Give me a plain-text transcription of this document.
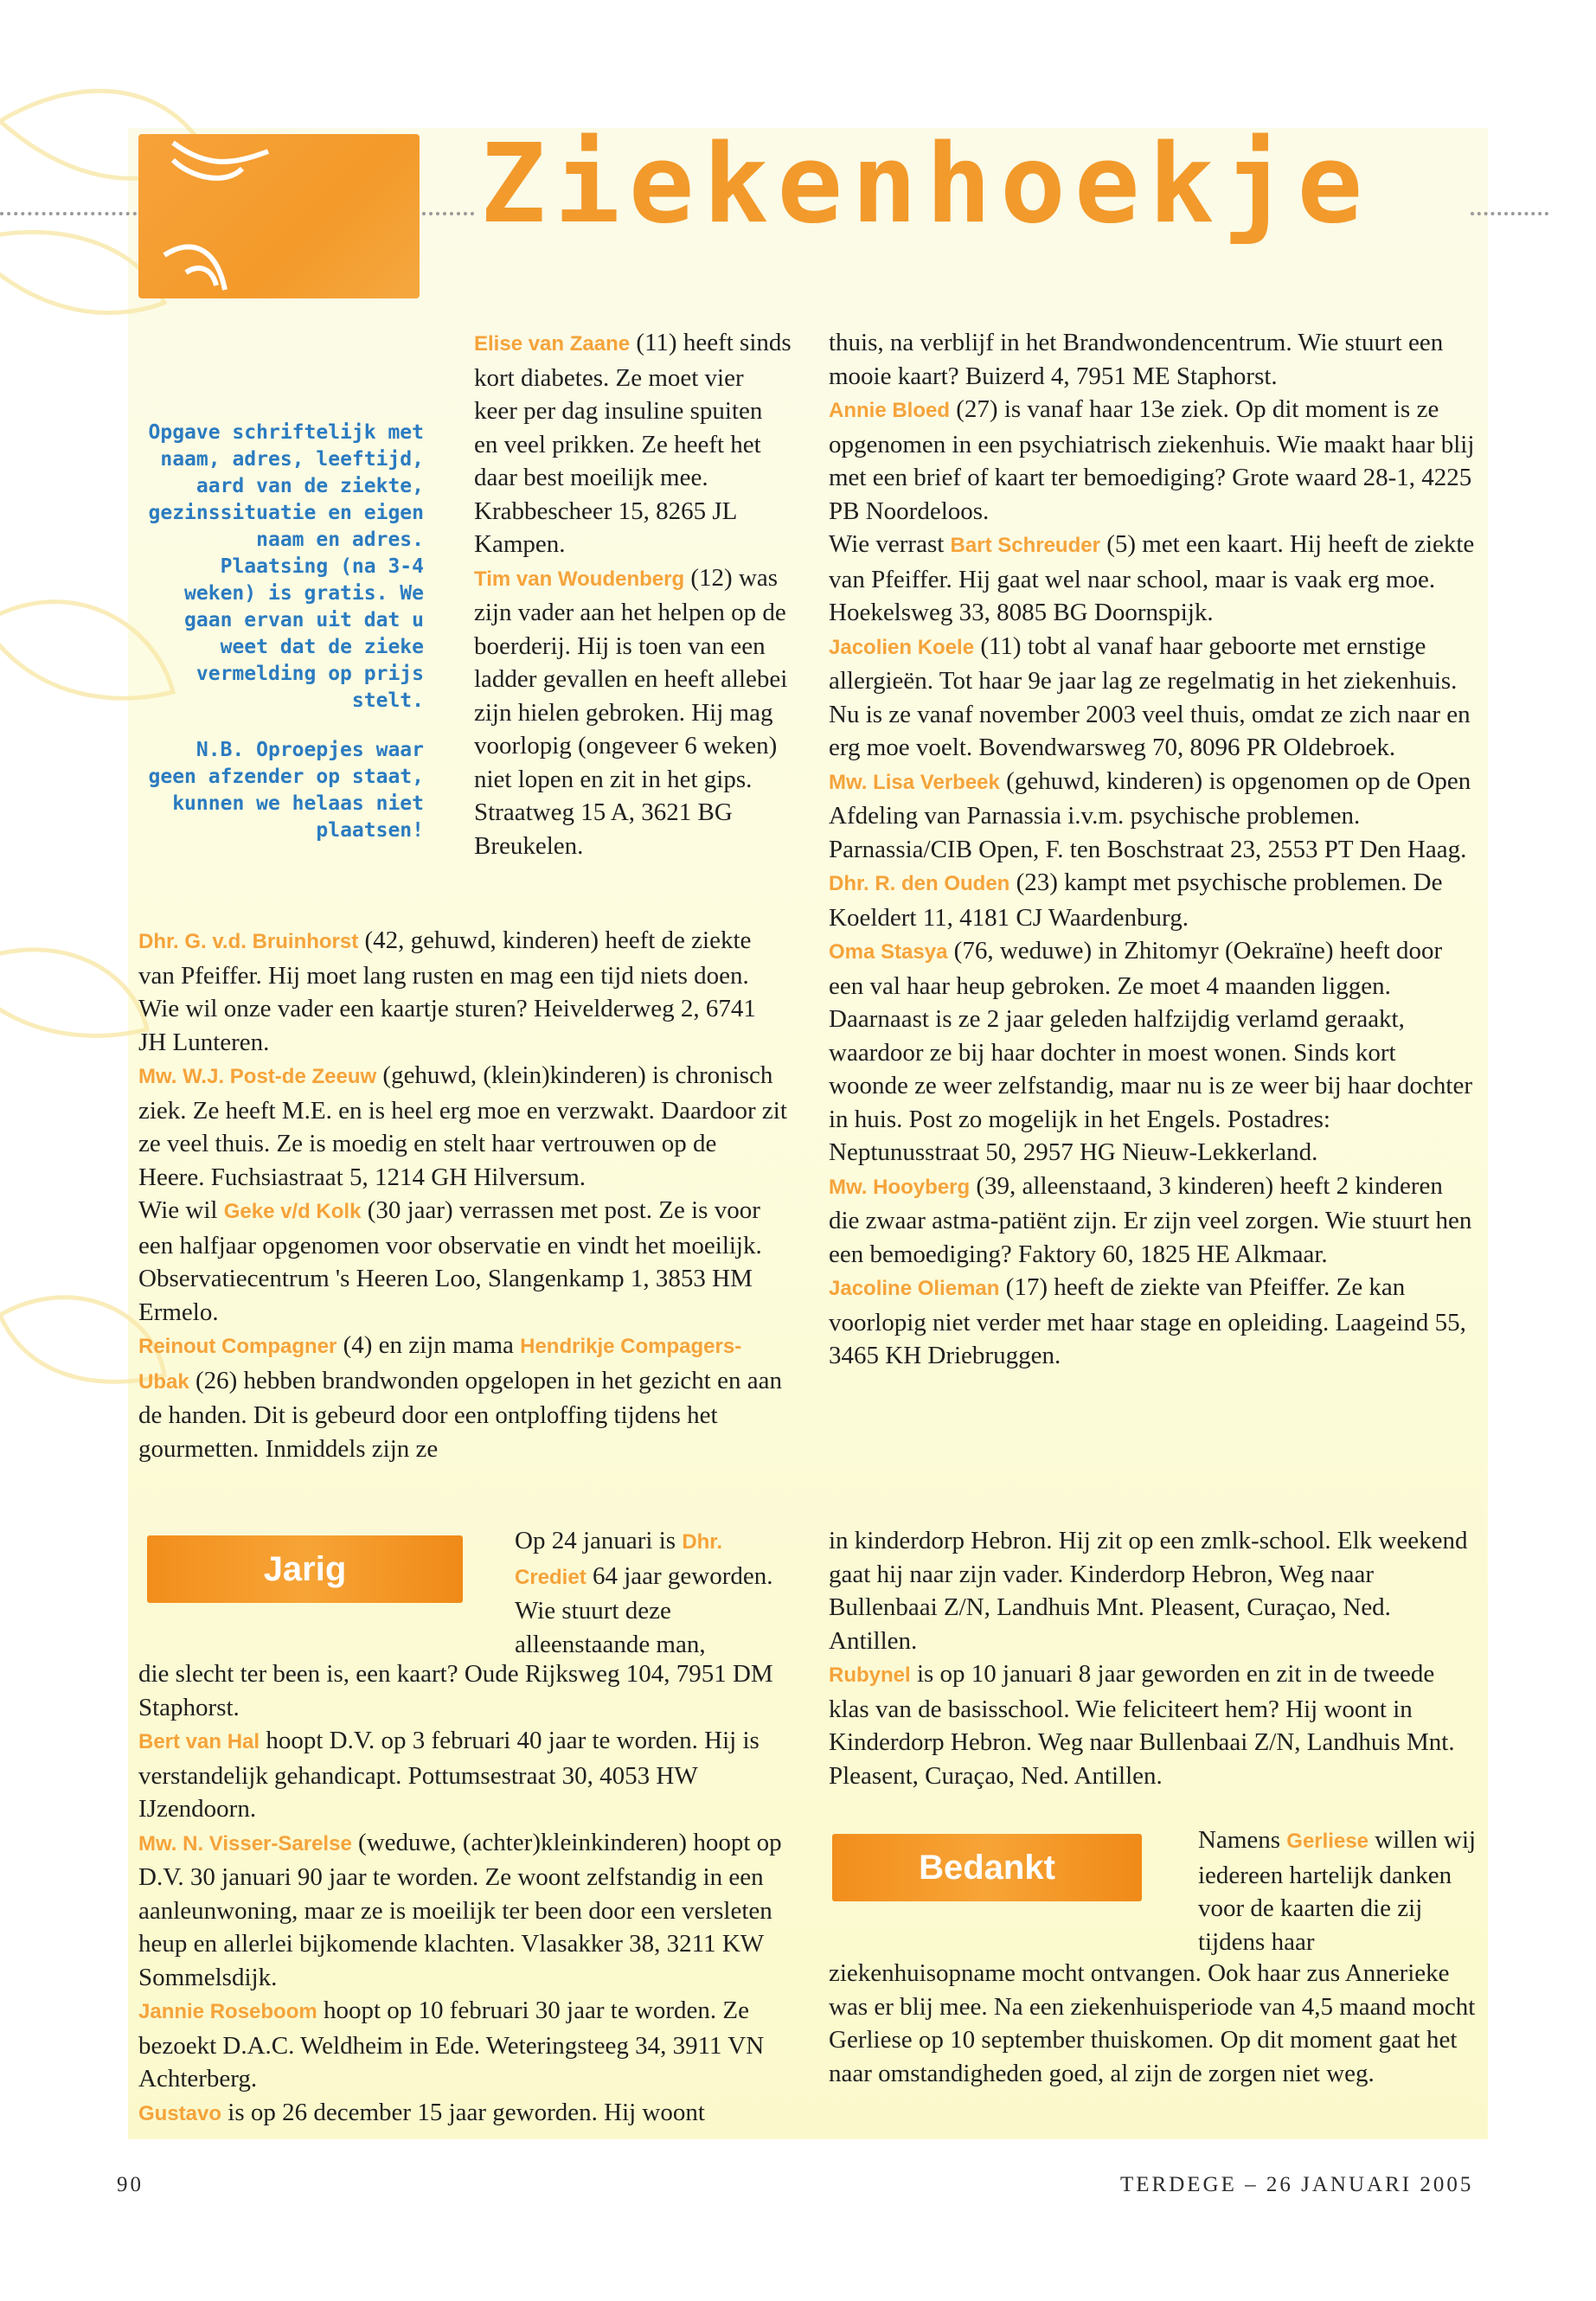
Ziekenhoekje

Opgave schriftelijk met naam, adres, leeftijd, aard van de ziekte, gezinssituatie en eigen naam en adres. Plaatsing (na 3-4 weken) is gratis. We gaan ervan uit dat u weet dat de zieke vermelding op prijs stelt.

N.B. Oproepjes waar geen afzender op staat, kunnen we helaas niet plaatsen!

Elise van Zaane (11) heeft sinds kort diabetes. Ze moet vier keer per dag insuline spuiten en veel prikken. Ze heeft het daar best moeilijk mee. Krabbescheer 15, 8265 JL Kampen.

Tim van Woudenberg (12) was zijn vader aan het helpen op de boerderij. Hij is toen van een ladder gevallen en heeft allebei zijn hielen gebroken. Hij mag voorlopig (ongeveer 6 weken) niet lopen en zit in het gips. Straatweg 15 A, 3621 BG Breukelen.

Dhr. G. v.d. Bruinhorst (42, gehuwd, kinderen) heeft de ziekte van Pfeiffer. Hij moet lang rusten en mag een tijd niets doen. Wie wil onze vader een kaartje sturen? Heivelderweg 2, 6741 JH Lunteren.

Mw. W.J. Post-de Zeeuw (gehuwd, (klein)kinderen) is chronisch ziek. Ze heeft M.E. en is heel erg moe en verzwakt. Daardoor zit ze veel thuis. Ze is moedig en stelt haar vertrouwen op de Heere. Fuchsiastraat 5, 1214 GH Hilversum.

Wie wil Geke v/d Kolk (30 jaar) verrassen met post. Ze is voor een halfjaar opgenomen voor observatie en vindt het moeilijk. Observatiecentrum 's Heeren Loo, Slangenkamp 1, 3853 HM Ermelo.

Reinout Compagner (4) en zijn mama Hendrikje Compagers-Ubak (26) hebben brandwonden opgelopen in het gezicht en aan de handen. Dit is gebeurd door een ontploffing tijdens het gourmetten. Inmiddels zijn ze

thuis, na verblijf in het Brandwondencentrum. Wie stuurt een mooie kaart? Buizerd 4, 7951 ME Staphorst.

Annie Bloed (27) is vanaf haar 13e ziek. Op dit moment is ze opgenomen in een psychiatrisch ziekenhuis. Wie maakt haar blij met een brief of kaart ter bemoediging? Grote waard 28-1, 4225 PB Noordeloos.

Wie verrast Bart Schreuder (5) met een kaart. Hij heeft de ziekte van Pfeiffer. Hij gaat wel naar school, maar is vaak erg moe. Hoekelsweg 33, 8085 BG Doornspijk.

Jacolien Koele (11) tobt al vanaf haar geboorte met ernstige allergieën. Tot haar 9e jaar lag ze regelmatig in het ziekenhuis. Nu is ze vanaf november 2003 veel thuis, omdat ze zich naar en erg moe voelt. Bovendwarsweg 70, 8096 PR Oldebroek.

Mw. Lisa Verbeek (gehuwd, kinderen) is opgenomen op de Open Afdeling van Parnassia i.v.m. psychische problemen. Parnassia/CIB Open, F. ten Boschstraat 23, 2553 PT Den Haag.

Dhr. R. den Ouden (23) kampt met psychische problemen. De Koeldert 11, 4181 CJ Waardenburg.

Oma Stasya (76, weduwe) in Zhitomyr (Oekraïne) heeft door een val haar heup gebroken. Ze moet 4 maanden liggen. Daarnaast is ze 2 jaar geleden halfzijdig verlamd geraakt, waardoor ze bij haar dochter in moest wonen. Sinds kort woonde ze weer zelfstandig, maar nu is ze weer bij haar dochter in huis. Post zo mogelijk in het Engels. Postadres: Neptunusstraat 50, 2957 HG Nieuw-Lekkerland.

Mw. Hooyberg (39, alleenstaand, 3 kinderen) heeft 2 kinderen die zwaar astma-patiënt zijn. Er zijn veel zorgen. Wie stuurt hen een bemoediging? Faktory 60, 1825 HE Alkmaar.

Jacoline Olieman (17) heeft de ziekte van Pfeiffer. Ze kan voorlopig niet verder met haar stage en opleiding. Laageind 55, 3465 KH Driebruggen.

Jarig

Op 24 januari is Dhr. Crediet 64 jaar geworden. Wie stuurt deze alleenstaande man,

die slecht ter been is, een kaart? Oude Rijksweg 104, 7951 DM Staphorst.

Bert van Hal hoopt D.V. op 3 februari 40 jaar te worden. Hij is verstandelijk gehandicapt. Pottumsestraat 30, 4053 HW IJzendoorn.

Mw. N. Visser-Sarelse (weduwe, (achter)kleinkinderen) hoopt op D.V. 30 januari 90 jaar te worden. Ze woont zelfstandig in een aanleunwoning, maar ze is moeilijk ter been door een versleten heup en allerlei bijkomende klachten. Vlasakker 38, 3211 KW Sommelsdijk.

Jannie Roseboom hoopt op 10 februari 30 jaar te worden. Ze bezoekt D.A.C. Weldheim in Ede. Weteringsteeg 34, 3911 VN Achterberg.

Gustavo is op 26 december 15 jaar geworden. Hij woont

in kinderdorp Hebron. Hij zit op een zmlk-school. Elk weekend gaat hij naar zijn vader. Kinderdorp Hebron, Weg naar Bullenbaai Z/N, Landhuis Mnt. Pleasent, Curaçao, Ned. Antillen.

Rubynel is op 10 januari 8 jaar geworden en zit in de tweede klas van de basisschool. Wie feliciteert hem? Hij woont in Kinderdorp Hebron. Weg naar Bullenbaai Z/N, Landhuis Mnt. Pleasent, Curaçao, Ned. Antillen.

Bedankt

Namens Gerliese willen wij iedereen hartelijk danken voor de kaarten die zij tijdens haar

ziekenhuisopname mocht ontvangen. Ook haar zus Annerieke was er blij mee. Na een ziekenhuisperiode van 4,5 maand mocht Gerliese op 10 september thuiskomen. Op dit moment gaat het naar omstandigheden goed, al zijn de zorgen niet weg.

90	TERDEGE – 26 JANUARI 2005
